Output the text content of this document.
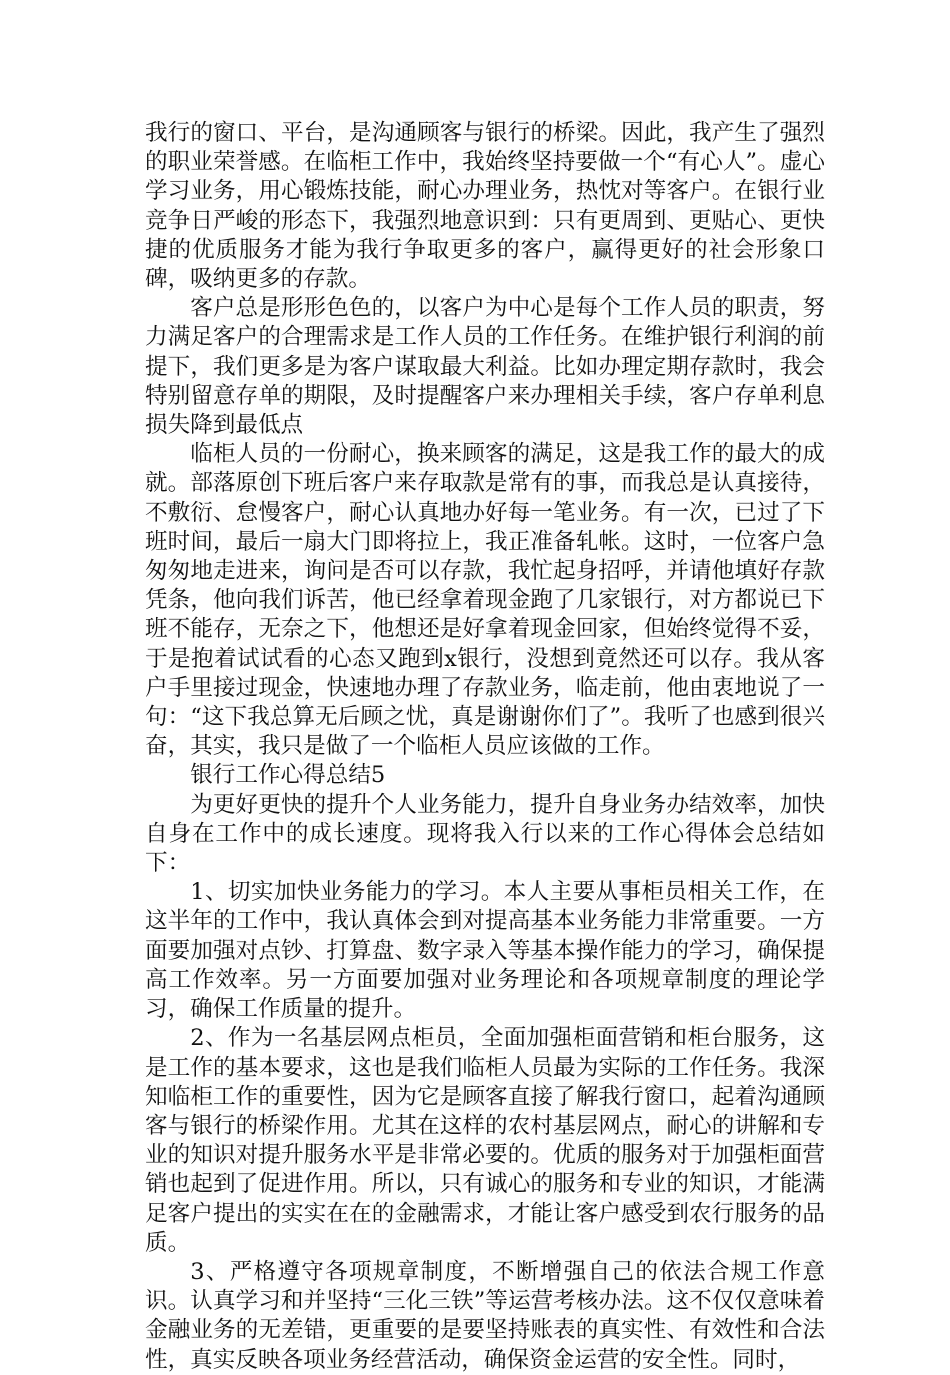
我行的窗口、平台，是沟通顾客与银行的桥梁。因此，我产生了强烈的职业荣誉感。在临柜工作中，我始终坚持要做一个“有心人”。虚心学习业务，用心锻炼技能，耐心办理业务，热忱对等客户。在银行业竞争日严峻的形态下，我强烈地意识到：只有更周到、更贴心、更快捷的优质服务才能为我行争取更多的客户，赢得更好的社会形象口碑，吸纳更多的存款。

客户总是形形色色的，以客户为中心是每个工作人员的职责，努力满足客户的合理需求是工作人员的工作任务。在维护银行利润的前提下，我们更多是为客户谋取最大利益。比如办理定期存款时，我会特别留意存单的期限，及时提醒客户来办理相关手续，客户存单利息损失降到最低点

临柜人员的一份耐心，换来顾客的满足，这是我工作的最大的成就。部落原创下班后客户来存取款是常有的事，而我总是认真接待，不敷衍、怠慢客户，耐心认真地办好每一笔业务。有一次，已过了下班时间，最后一扇大门即将拉上，我正准备轧帐。这时，一位客户急匆匆地走进来，询问是否可以存款，我忙起身招呼，并请他填好存款凭条，他向我们诉苦，他已经拿着现金跑了几家银行，对方都说已下班不能存，无奈之下，他想还是好拿着现金回家，但始终觉得不妥，于是抱着试试看的心态又跑到x银行，没想到竟然还可以存。我从客户手里接过现金，快速地办理了存款业务，临走前，他由衷地说了一句：“这下我总算无后顾之忧，真是谢谢你们了”。我听了也感到很兴奋，其实，我只是做了一个临柜人员应该做的工作。

银行工作心得总结5

为更好更快的提升个人业务能力，提升自身业务办结效率，加快自身在工作中的成长速度。现将我入行以来的工作心得体会总结如下：

1、切实加快业务能力的学习。本人主要从事柜员相关工作，在这半年的工作中，我认真体会到对提高基本业务能力非常重要。一方面要加强对点钞、打算盘、数字录入等基本操作能力的学习，确保提高工作效率。另一方面要加强对业务理论和各项规章制度的理论学习，确保工作质量的提升。

2、作为一名基层网点柜员，全面加强柜面营销和柜台服务，这是工作的基本要求，这也是我们临柜人员最为实际的工作任务。我深知临柜工作的重要性，因为它是顾客直接了解我行窗口，起着沟通顾客与银行的桥梁作用。尤其在这样的农村基层网点，耐心的讲解和专业的知识对提升服务水平是非常必要的。优质的服务对于加强柜面营销也起到了促进作用。所以，只有诚心的服务和专业的知识，才能满足客户提出的实实在在的金融需求，才能让客户感受到农行服务的品质。

3、严格遵守各项规章制度，不断增强自己的依法合规工作意识。认真学习和并坚持“三化三铁”等运营考核办法。这不仅仅意味着金融业务的无差错，更重要的是要坚持账表的真实性、有效性和合法性，真实反映各项业务经营活动，确保资金运营的安全性。同时，
